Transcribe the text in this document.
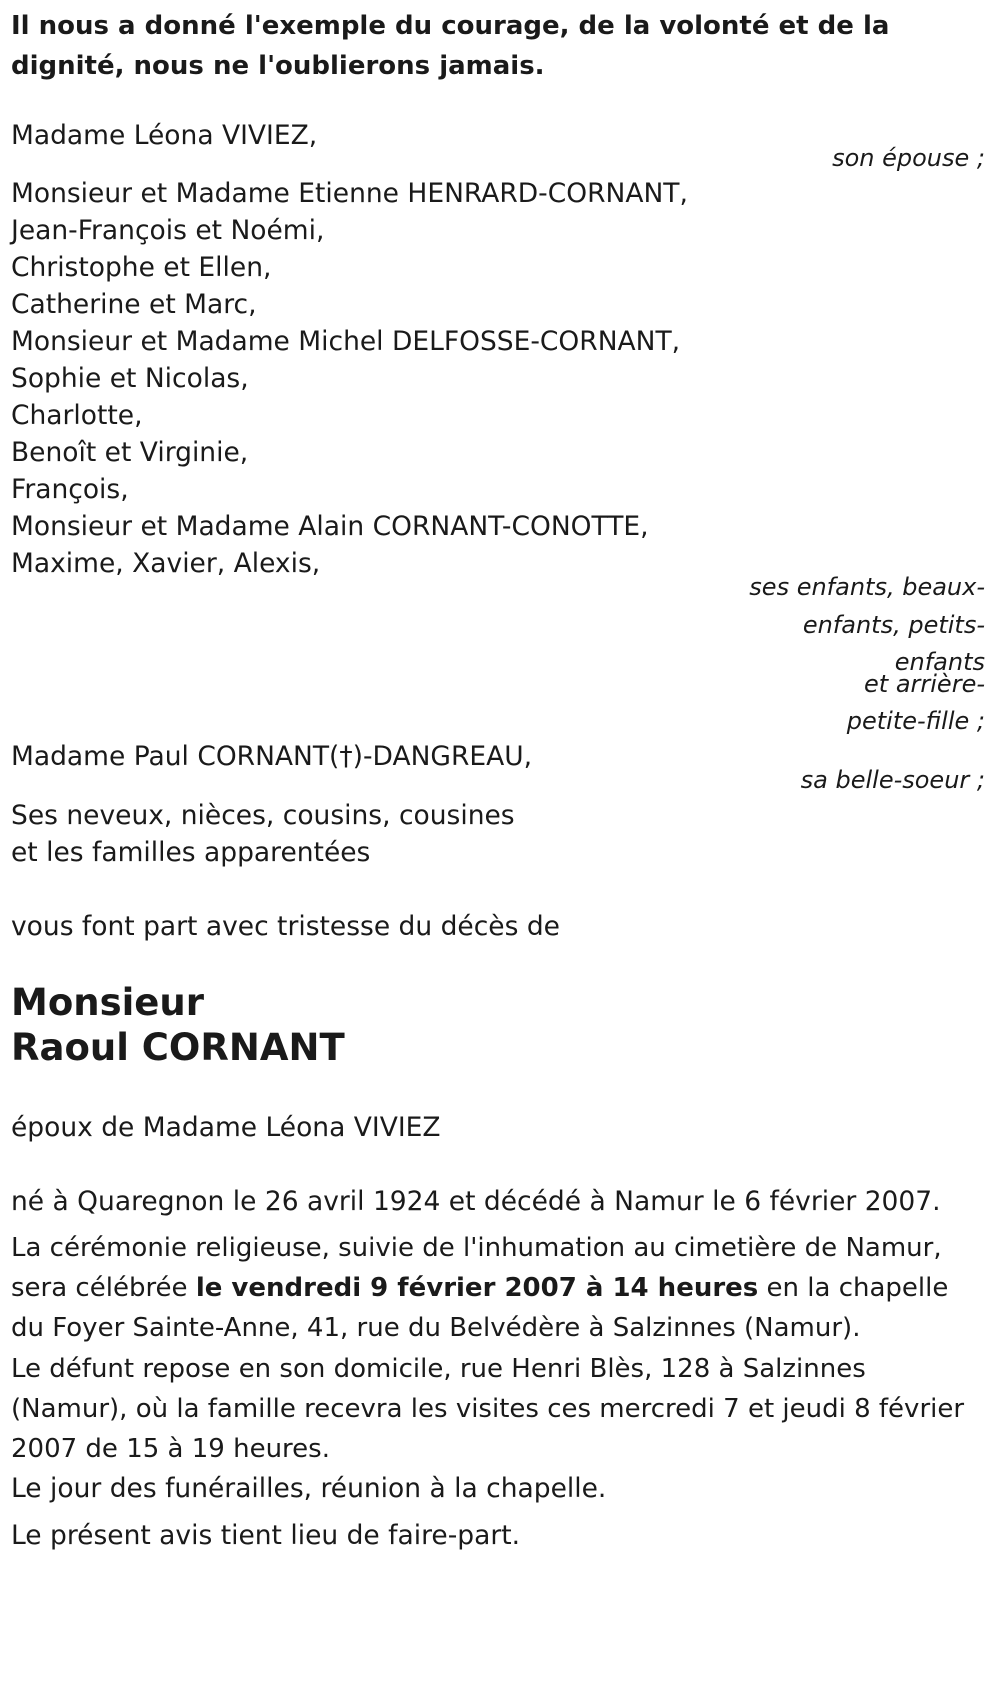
Il nous a donné l'exemple du courage, de la volonté et de la dignité, nous ne l'oublierons jamais.
Madame Léona VIVIEZ,
son épouse ;
Monsieur et Madame Etienne HENRARD-CORNANT,
Jean-François et Noémi,
Christophe et Ellen,
Catherine et Marc,
Monsieur et Madame Michel DELFOSSE-CORNANT,
Sophie et Nicolas,
Charlotte,
Benoît et Virginie,
François,
Monsieur et Madame Alain CORNANT-CONOTTE,
Maxime, Xavier, Alexis,
ses enfants, beaux-
enfants, petits-
enfants
et arrière-
petite-fille ;
Madame Paul CORNANT(†)-DANGREAU,
sa belle-soeur ;
Ses neveux, nièces, cousins, cousines
et les familles apparentées
vous font part avec tristesse du décès de
Monsieur
Raoul CORNANT
époux de Madame Léona VIVIEZ
né à Quaregnon le 26 avril 1924 et décédé à Namur le 6 février 2007.
La cérémonie religieuse, suivie de l'inhumation au cimetière de Namur, sera célébrée le vendredi 9 février 2007 à 14 heures en la chapelle du Foyer Sainte-Anne, 41, rue du Belvédère à Salzinnes (Namur).
Le défunt repose en son domicile, rue Henri Blès, 128 à Salzinnes (Namur), où la famille recevra les visites ces mercredi 7 et jeudi 8 février 2007 de 15 à 19 heures.
Le jour des funérailles, réunion à la chapelle.
Le présent avis tient lieu de faire-part.
